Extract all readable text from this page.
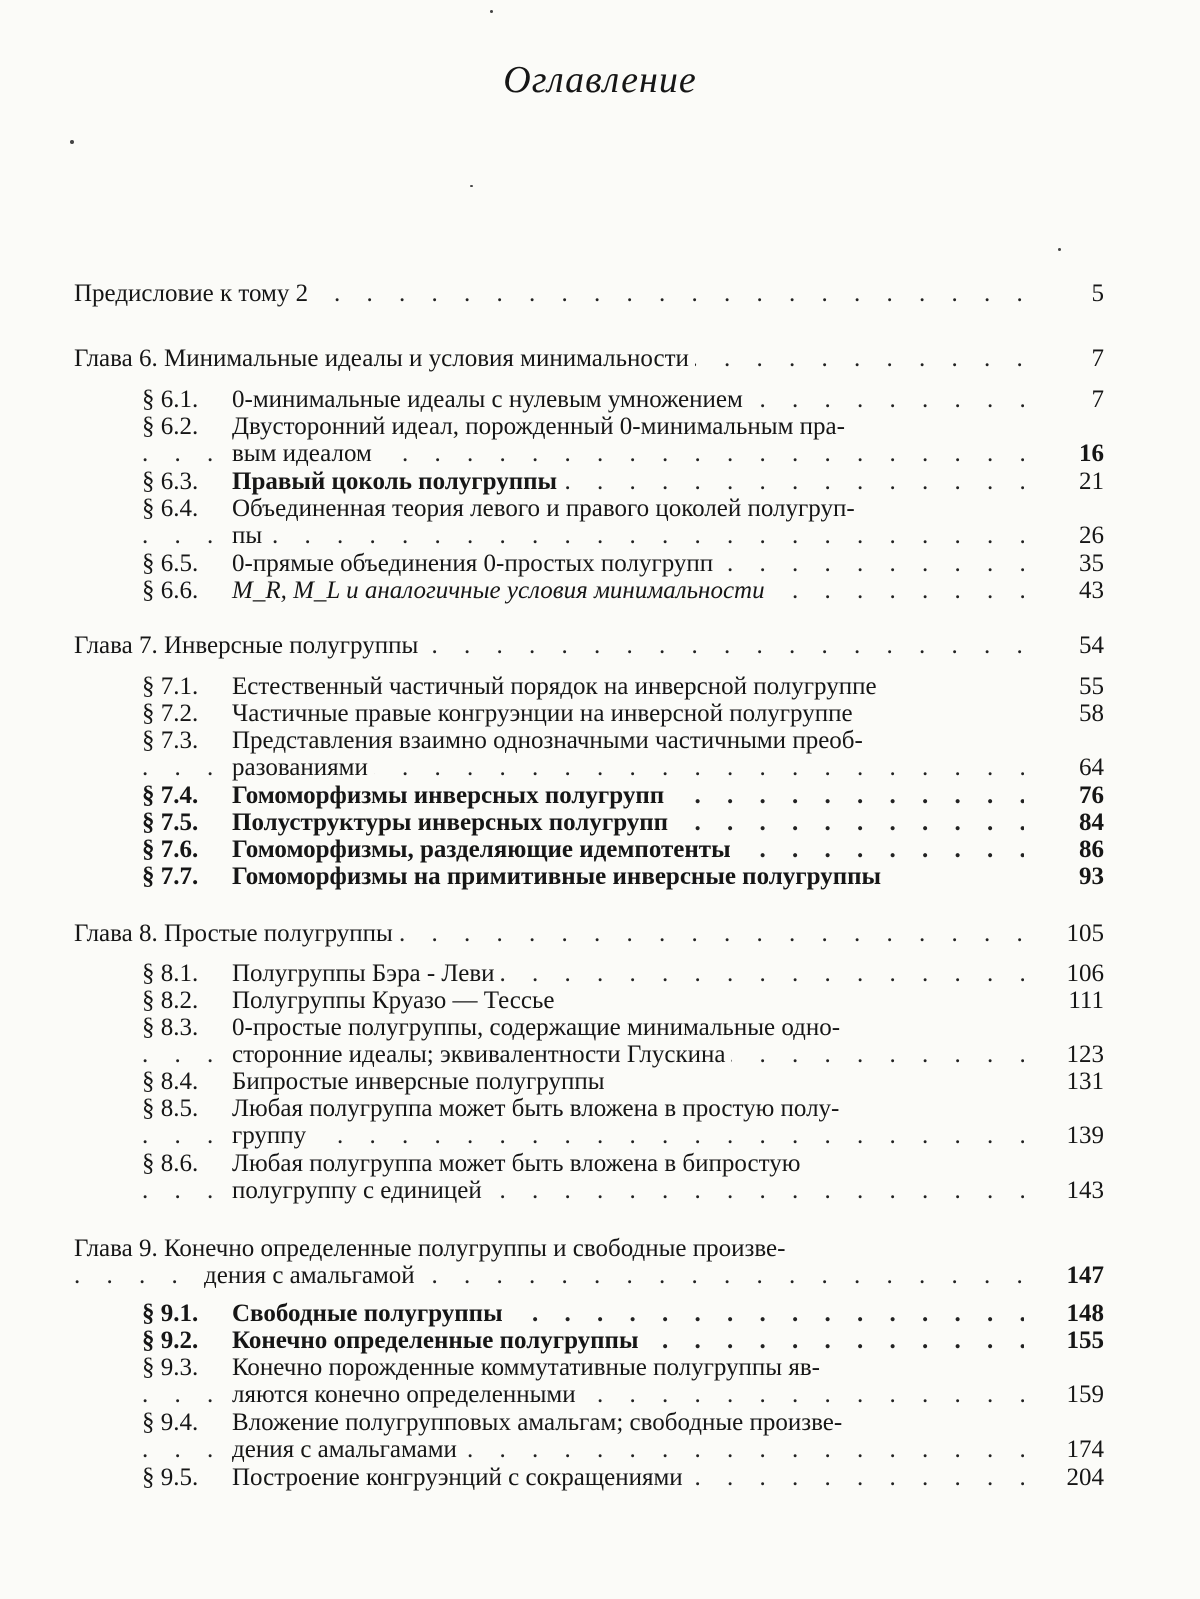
Оглавление
Предисловие к тому 2 . . .	5
Глава 6. Минимальные идеалы и условия минимальности . . .	7
§ 6.1. 0-минимальные идеалы с нулевым умножением . . .	7
§ 6.2. Двусторонний идеал, порожденный 0-минимальным пра-
вым идеалом . . .	16
§ 6.3. Правый цоколь полугруппы . . .	21
§ 6.4. Объединенная теория левого и правого цоколей полугруп-
пы . . .	26
§ 6.5. 0-прямые объединения 0-простых полугрупп . . .	35
§ 6.6. M_R, M_L и аналогичные условия минимальности . . .	43
Глава 7. Инверсные полугруппы . . .	54
§ 7.1. Естественный частичный порядок на инверсной полугруппе	55
§ 7.2. Частичные правые конгруэнции на инверсной полугруппе	58
§ 7.3. Представления взаимно однозначными частичными преоб-
разованиями . . .	64
§ 7.4. Гомоморфизмы инверсных полугрупп . . .	76
§ 7.5. Полуструктуры инверсных полугрупп . . .	84
§ 7.6. Гомоморфизмы, разделяющие идемпотенты . . .	86
§ 7.7. Гомоморфизмы на примитивные инверсные полугруппы	93
Глава 8. Простые полугруппы . . .	105
§ 8.1. Полугруппы Бэра - Леви . . .	106
§ 8.2. Полугруппы Круазо — Тессье	111
§ 8.3. 0-простые полугруппы, содержащие минимальные одно-
сторонние идеалы; эквивалентности Глускина . . .	123
§ 8.4. Бипростые инверсные полугруппы	131
§ 8.5. Любая полугруппа может быть вложена в простую полу-
группу . . .	139
§ 8.6. Любая полугруппа может быть вложена в бипростую
полугруппу с единицей . . .	143
Глава 9. Конечно определенные полугруппы и свободные произве-
дения с амальгамой . . .	147
§ 9.1. Свободные полугруппы . . .	148
§ 9.2. Конечно определенные полугруппы . . .	155
§ 9.3. Конечно порожденные коммутативные полугруппы яв-
ляются конечно определенными . . .	159
§ 9.4. Вложение полугрупповых амальгам; свободные произве-
дения с амальгамами . . .	174
§ 9.5. Построение конгруэнций с сокращениями . . .	204
